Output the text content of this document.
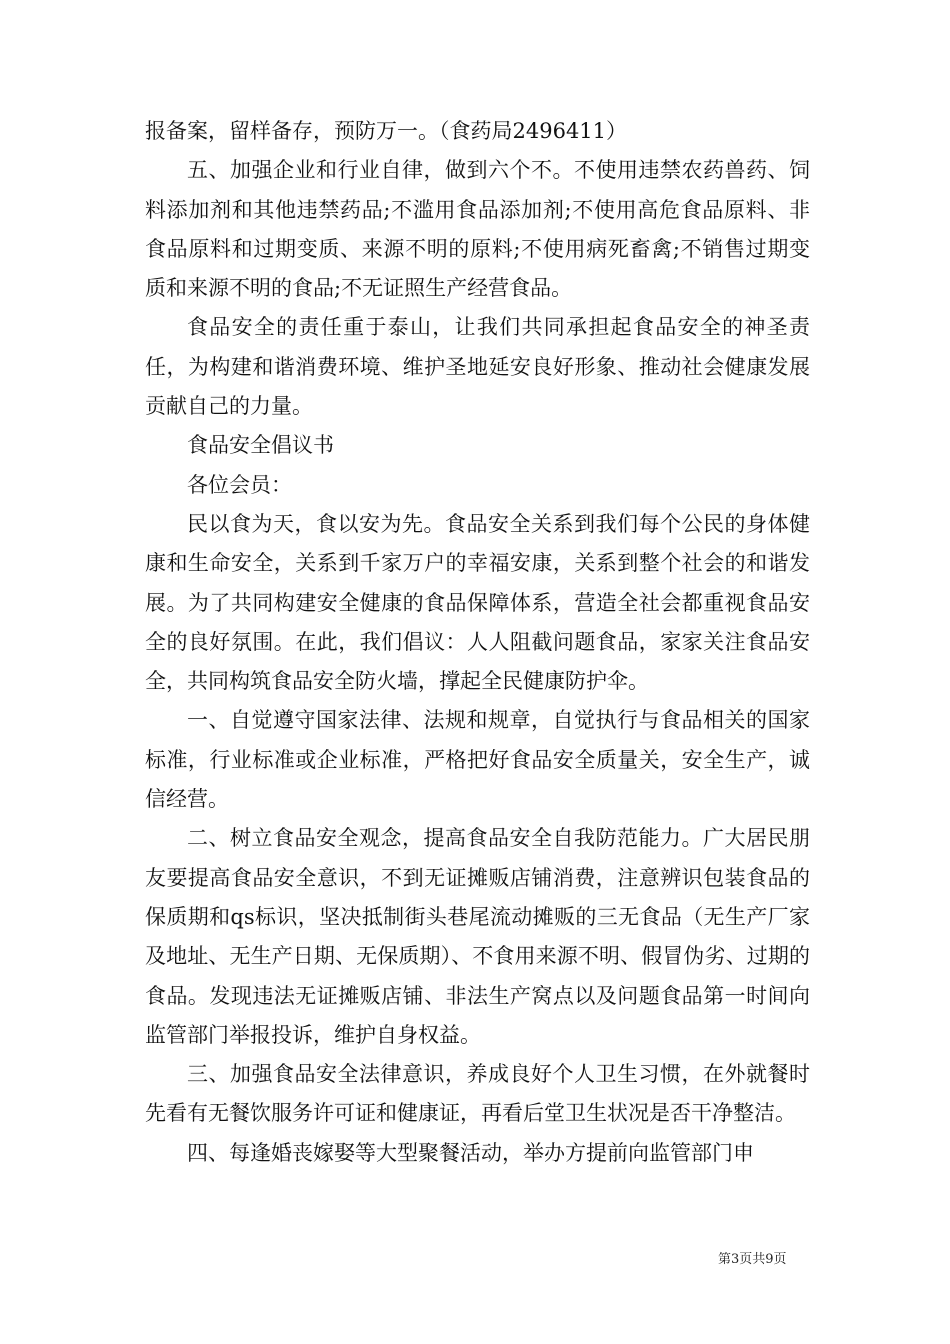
报备案，留样备存，预防万一。（食药局2496411）

五、加强企业和行业自律，做到六个不。不使用违禁农药兽药、饲料添加剂和其他违禁药品;不滥用食品添加剂;不使用高危食品原料、非食品原料和过期变质、来源不明的原料;不使用病死畜禽;不销售过期变质和来源不明的食品;不无证照生产经营食品。

食品安全的责任重于泰山，让我们共同承担起食品安全的神圣责任，为构建和谐消费环境、维护圣地延安良好形象、推动社会健康发展贡献自己的力量。

食品安全倡议书

各位会员：

民以食为天，食以安为先。食品安全关系到我们每个公民的身体健康和生命安全，关系到千家万户的幸福安康，关系到整个社会的和谐发展。为了共同构建安全健康的食品保障体系，营造全社会都重视食品安全的良好氛围。在此，我们倡议：人人阻截问题食品，家家关注食品安全，共同构筑食品安全防火墙，撑起全民健康防护伞。

一、自觉遵守国家法律、法规和规章，自觉执行与食品相关的国家标准，行业标准或企业标准，严格把好食品安全质量关，安全生产，诚信经营。

二、树立食品安全观念，提高食品安全自我防范能力。广大居民朋友要提高食品安全意识，不到无证摊贩店铺消费，注意辨识包装食品的保质期和qs标识，坚决抵制街头巷尾流动摊贩的三无食品（无生产厂家及地址、无生产日期、无保质期）、不食用来源不明、假冒伪劣、过期的食品。发现违法无证摊贩店铺、非法生产窝点以及问题食品第一时间向监管部门举报投诉，维护自身权益。

三、加强食品安全法律意识，养成良好个人卫生习惯，在外就餐时先看有无餐饮服务许可证和健康证，再看后堂卫生状况是否干净整洁。

四、每逢婚丧嫁娶等大型聚餐活动，举办方提前向监管部门申

第3页共9页
